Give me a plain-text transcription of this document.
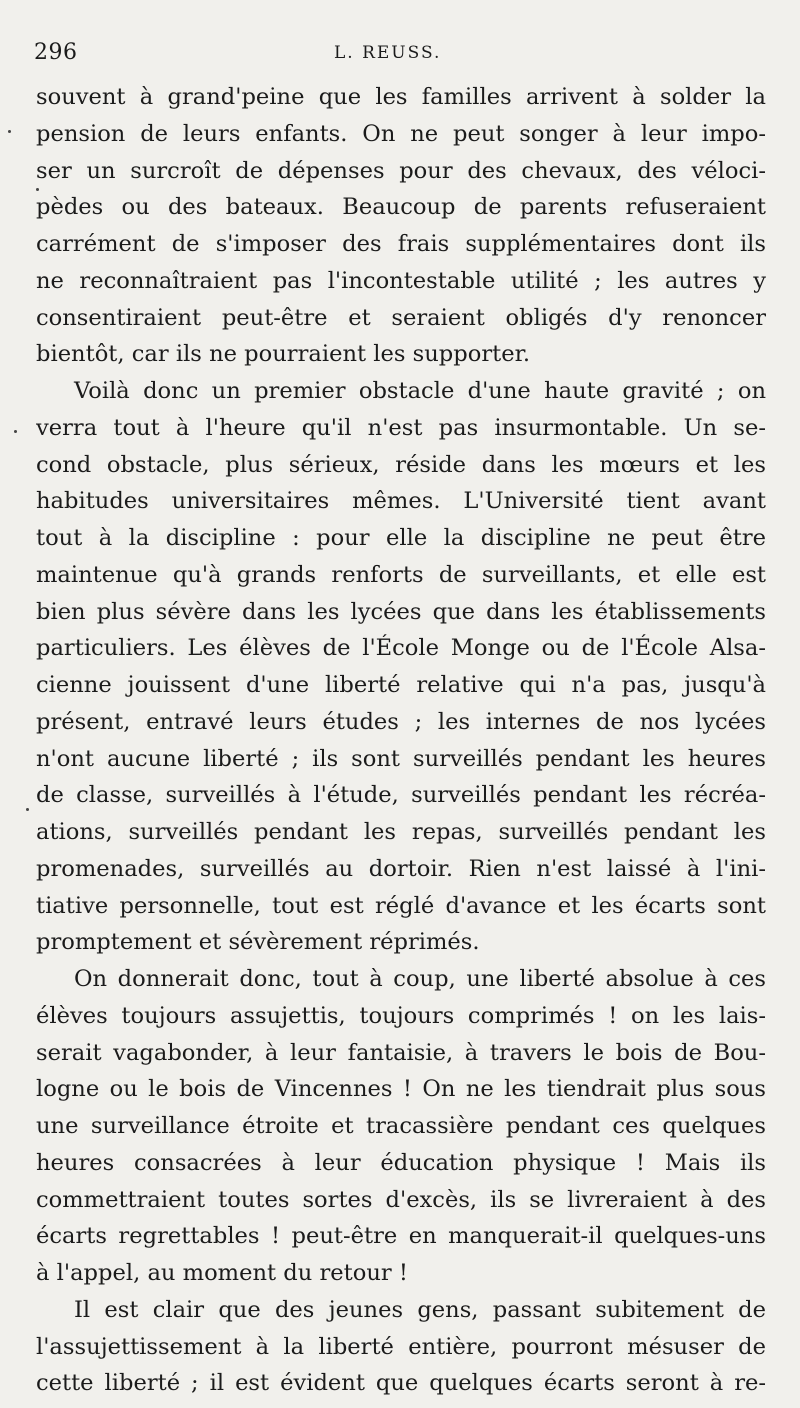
296	L. REUSS.
souvent à grand'peine que les familles arrivent à solder la
pension de leurs enfants. On ne peut songer à leur impo-
ser un surcroît de dépenses pour des chevaux, des véloci-
pèdes ou des bateaux. Beaucoup de parents refuseraient
carrément de s'imposer des frais supplémentaires dont ils
ne reconnaîtraient pas l'incontestable utilité ; les autres y
consentiraient peut-être et seraient obligés d'y renoncer
bientôt, car ils ne pourraient les supporter.
Voilà donc un premier obstacle d'une haute gravité ; on
verra tout à l'heure qu'il n'est pas insurmontable. Un se-
cond obstacle, plus sérieux, réside dans les mœurs et les
habitudes universitaires mêmes. L'Université tient avant
tout à la discipline : pour elle la discipline ne peut être
maintenue qu'à grands renforts de surveillants, et elle est
bien plus sévère dans les lycées que dans les établissements
particuliers. Les élèves de l'École Monge ou de l'École Alsa-
cienne jouissent d'une liberté relative qui n'a pas, jusqu'à
présent, entravé leurs études ; les internes de nos lycées
n'ont aucune liberté ; ils sont surveillés pendant les heures
de classe, surveillés à l'étude, surveillés pendant les récréa-
ations, surveillés pendant les repas, surveillés pendant les
promenades, surveillés au dortoir. Rien n'est laissé à l'ini-
tiative personnelle, tout est réglé d'avance et les écarts sont
promptement et sévèrement réprimés.
On donnerait donc, tout à coup, une liberté absolue à ces
élèves toujours assujettis, toujours comprimés ! on les lais-
serait vagabonder, à leur fantaisie, à travers le bois de Bou-
logne ou le bois de Vincennes ! On ne les tiendrait plus sous
une surveillance étroite et tracassière pendant ces quelques
heures consacrées à leur éducation physique ! Mais ils
commettraient toutes sortes d'excès, ils se livreraient à des
écarts regrettables ! peut-être en manquerait-il quelques-uns
à l'appel, au moment du retour !
Il est clair que des jeunes gens, passant subitement de
l'assujettissement à la liberté entière, pourront mésuser de
cette liberté ; il est évident que quelques écarts seront à re-
